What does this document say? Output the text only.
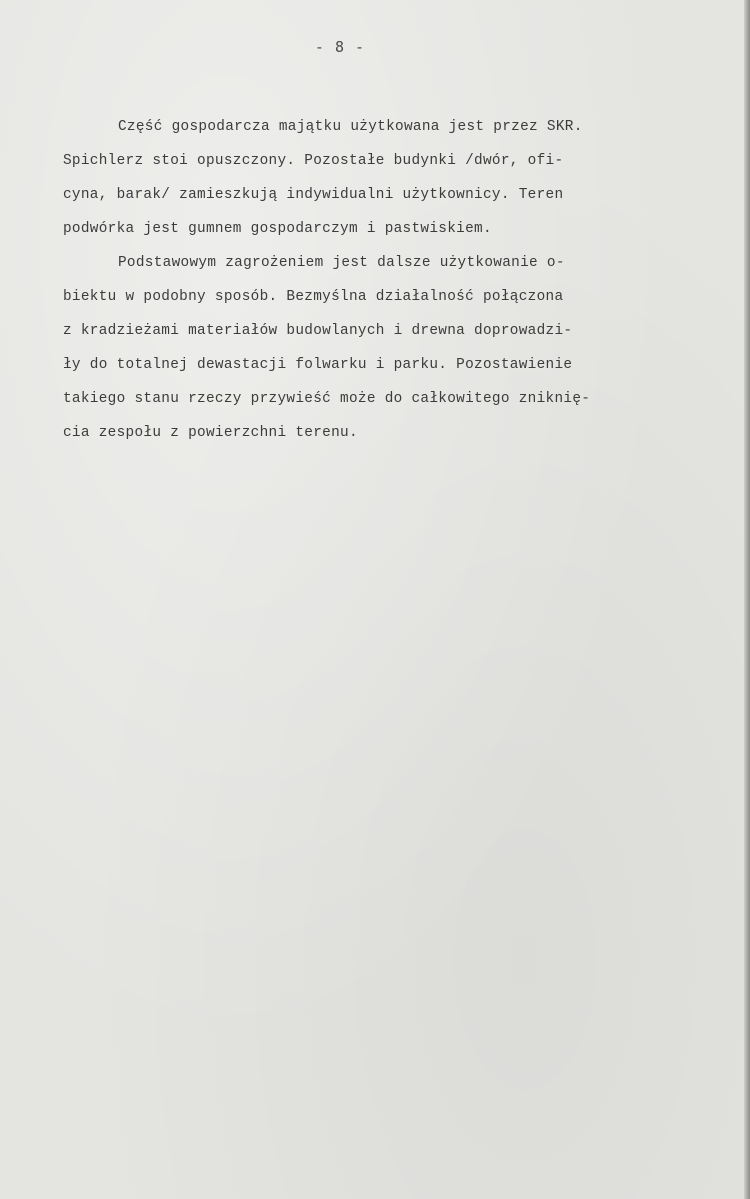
- 8 -
Część gospodarcza majątku użytkowana jest przez SKR.
Spichlerz stoi opuszczony. Pozostałe budynki /dwór, ofi-
cyna, barak/ zamieszkują indywidualni użytkownicy. Teren
podwórka jest gumnem gospodarczym i pastwiskiem.
Podstawowym zagrożeniem jest dalsze użytkowanie o-
biektu w podobny sposób. Bezmyślna działalność połączona
z kradzieżami materiałów budowlanych i drewna doprowadzi-
ły do totalnej dewastacji folwarku i parku. Pozostawienie
takiego stanu rzeczy przywieść może do całkowitego zniknię-
cia zespołu z powierzchni terenu.
